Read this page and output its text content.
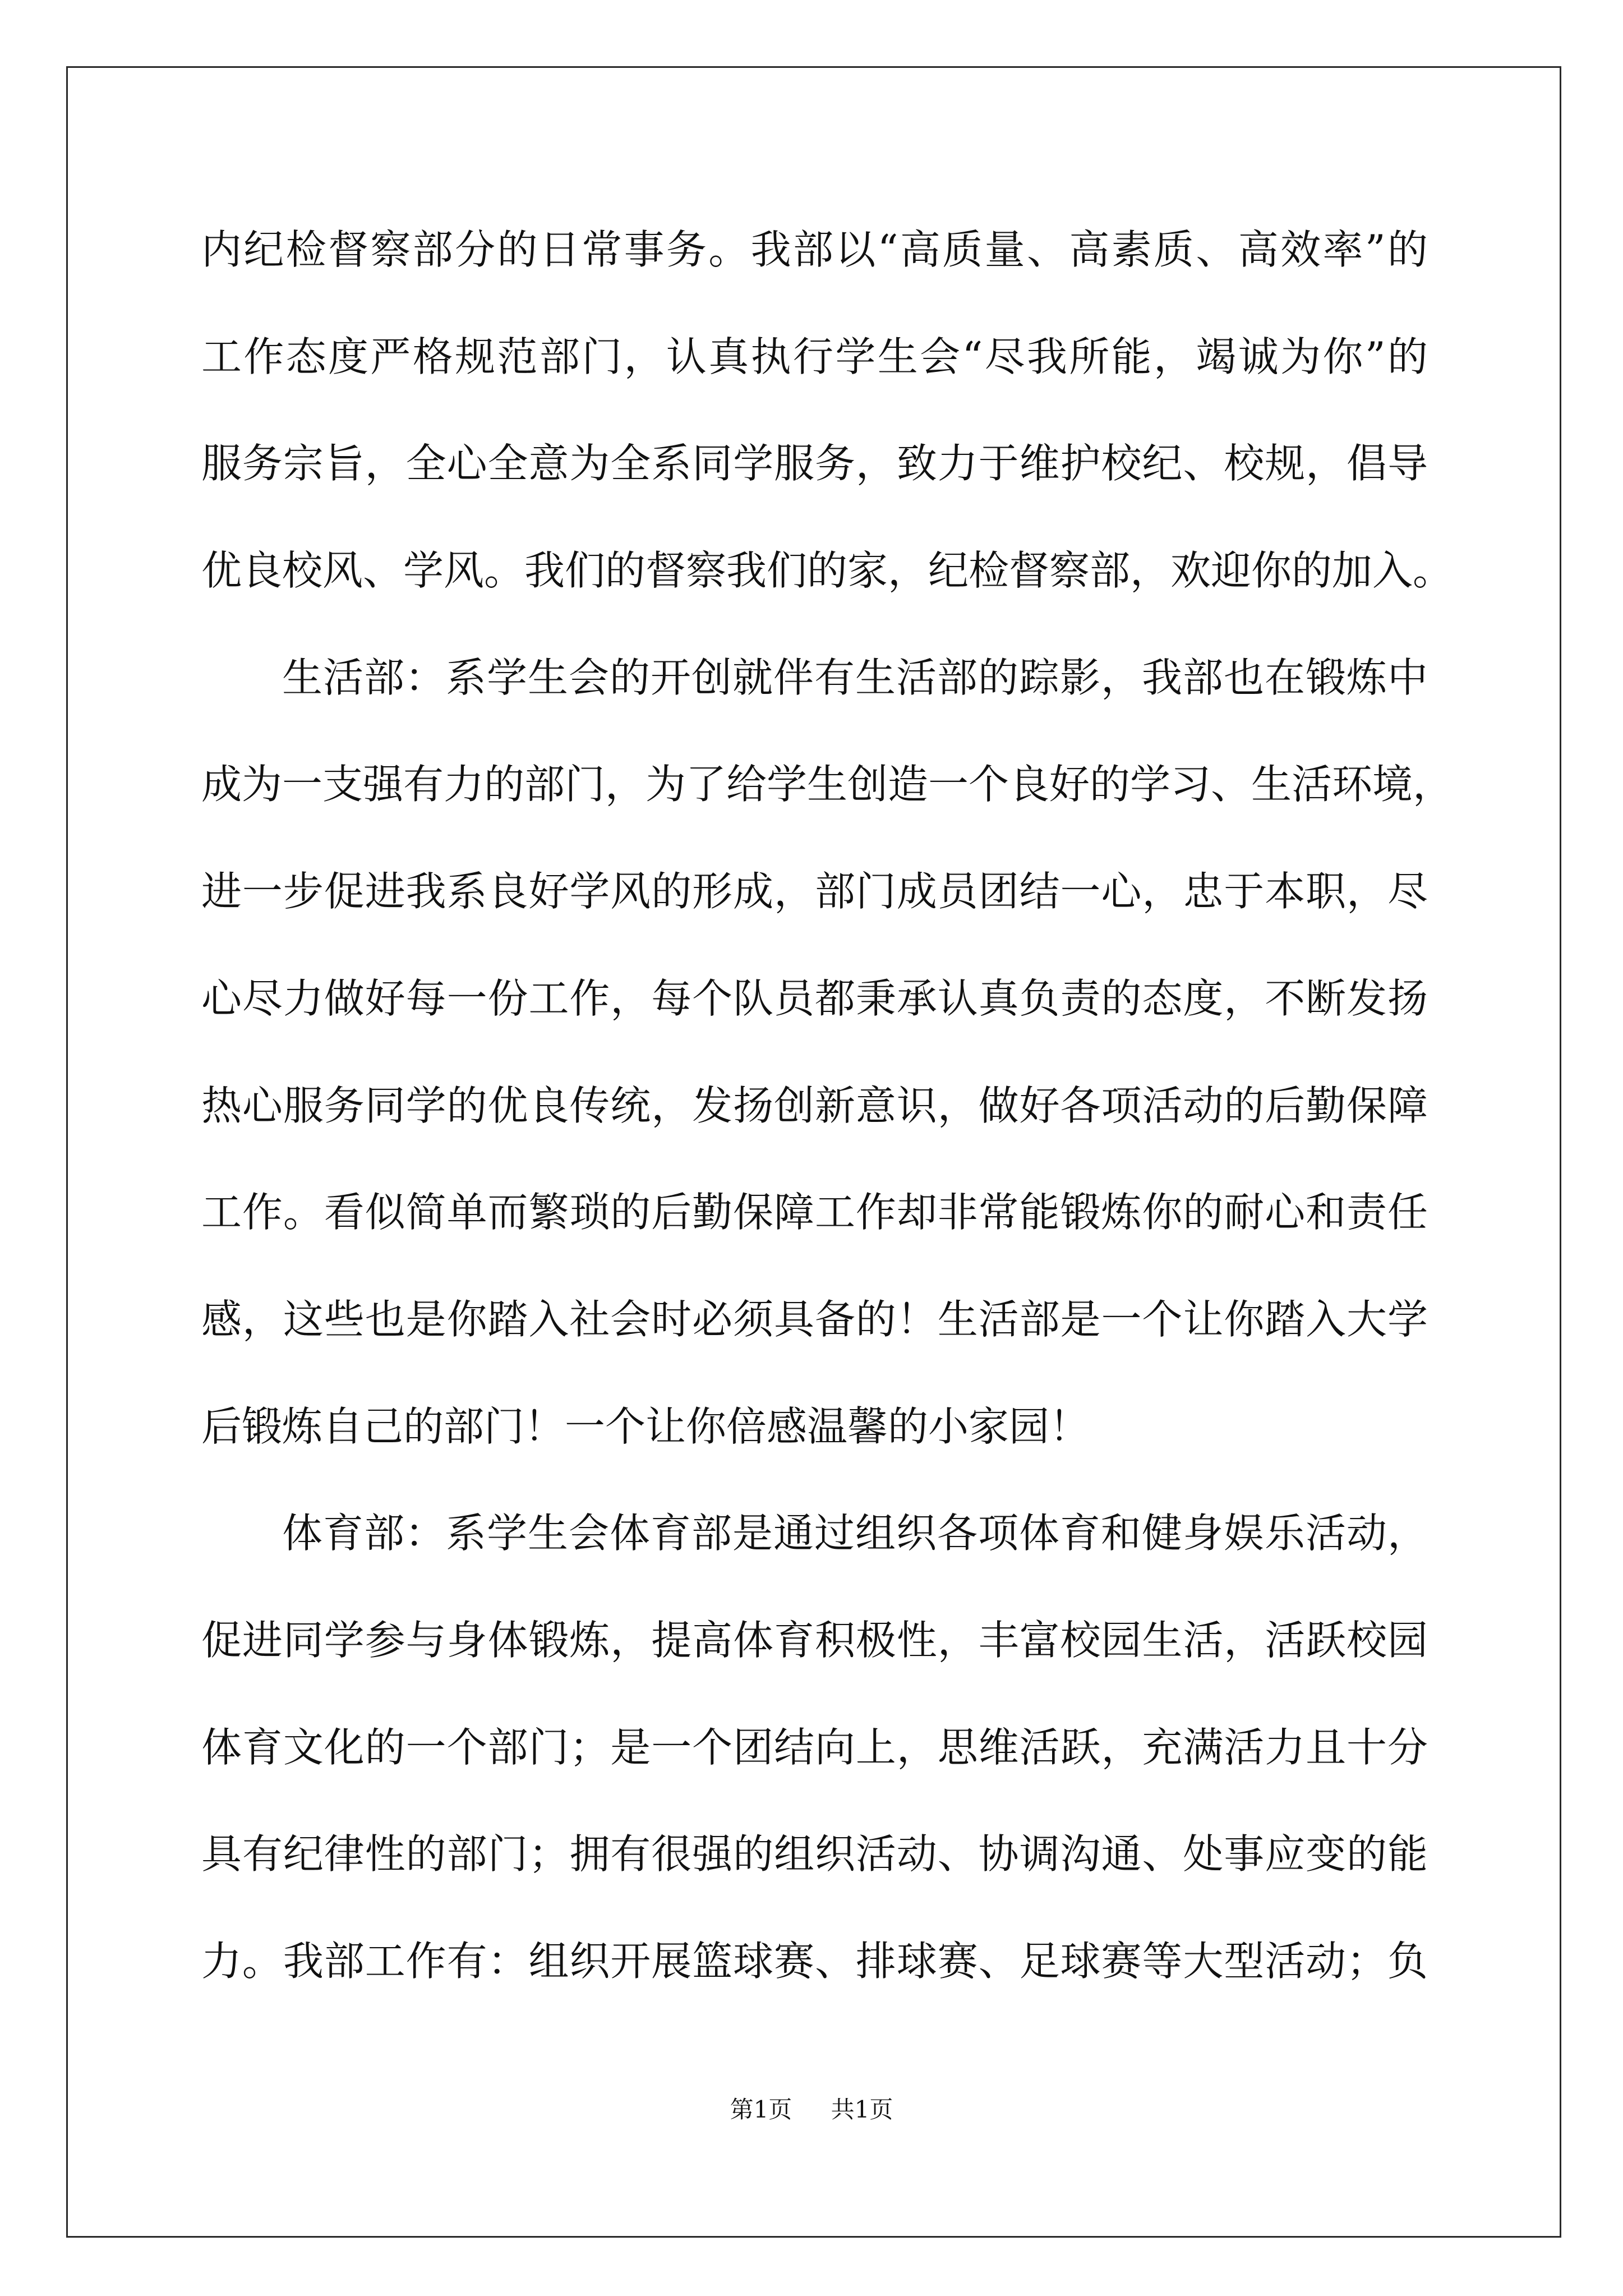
内纪检督察部分的日常事务。我部以“高质量、高素质、高效率”的
工作态度严格规范部门，认真执行学生会“尽我所能，竭诚为你”的
服务宗旨，全心全意为全系同学服务，致力于维护校纪、校规，倡导
优良校风、学风。我们的督察我们的家，纪检督察部，欢迎你的加入。
生活部：系学生会的开创就伴有生活部的踪影，我部也在锻炼中
成为一支强有力的部门，为了给学生创造一个良好的学习、生活环境，
进一步促进我系良好学风的形成，部门成员团结一心，忠于本职，尽
心尽力做好每一份工作，每个队员都秉承认真负责的态度，不断发扬
热心服务同学的优良传统，发扬创新意识，做好各项活动的后勤保障
工作。看似简单而繁琐的后勤保障工作却非常能锻炼你的耐心和责任
感，这些也是你踏入社会时必须具备的！生活部是一个让你踏入大学
后锻炼自己的部门！一个让你倍感温馨的小家园！
体育部：系学生会体育部是通过组织各项体育和健身娱乐活动，
促进同学参与身体锻炼，提高体育积极性，丰富校园生活，活跃校园
体育文化的一个部门；是一个团结向上，思维活跃，充满活力且十分
具有纪律性的部门；拥有很强的组织活动、协调沟通、处事应变的能
力。我部工作有：组织开展篮球赛、排球赛、足球赛等大型活动；负
第1页 共1页
